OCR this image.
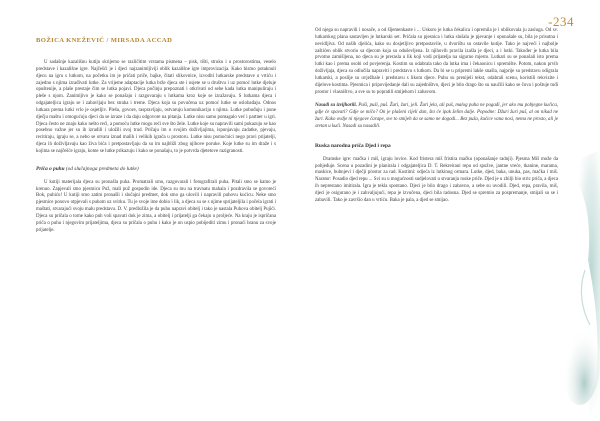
-234
BOŽICA KNEŽEVIĆ / MIRSADA ACCAD

U sadašnje kazališnu kutiju skrijemo se različitim vrstama pismena – pisk, tišti, struku i u prostorostima, veselo predstave i kazališne igre. Najčešći je i djeci najzanimljiviji oblik kazališne igre improvizacija. Kako bismo potaknuli djecu na igru s lutkom, na početku im je pričati priče, bajke, čitati slikovnice, izvoditi lutkarske predstave u vrtiću i zajedno s njima izrađivati lutke. Za vrijeme adaptacije lutka brže djeca ste i osjete se u društvu i uz pomoć lutke djeluje opuštenije, a plaše prestaje čim se lutka pojavi. Djeca počinju prepoznati i otkrivati od sebe kada lutka manipuliraju i pleše s njom. Zanimljivo je kako se ponašaju i razgovaraju s lutkama kroz koje se izražavaju. S lutkama djeca i odgajateljica igraju se i zabavljaju bez straha i treme. Djeca koja su povučena uz pomoć lutke se oslobađaju. Odnos lutkara prema lutki vrlo je osjetljiv. Plešu, govore, raspravljaju, ostvaruju komunikaciju s njima. Lutke pobuđuju i pune dječju maštu i omogućuju djeci da se izraze i da daju odgovore na pitanja. Lutke nisu samo pomagalo već i partner u igri. Djeca često ne znaju kako nešto reći, a pomoću lutke mogu reći sve što žele. Lutke koje su napravili sami pokazuju se kao posebno važne jer su ih izradili i uložili svoj trud. Pričaju im o svojim doživljajima, ispunjavaju zadatke, pjevaju, recitiraju, igraju se, a nebo se otvara iznad malih i velikih igrača u prostoru. Lutke nisu pomoćnici nego pravi prijatelji, djeca ih doživljavaju kao živa bića i pretpostavljaju da su im najbliži zbog njihove poruke. Koje lutke su im draže i s kojima se najčešće igraju, kome se lutke prikazuju i kako se ponašaju, to je potvrda djetetove razigranosti.

Priča o puhu (od slučajnoga predmeta do lutke)

U kutiji materijala djeca su pronašla puha. Promatrali smo, razgovarali i fotografirali puha. Pitali smo se kamo je krenuo. Zapjevali smo pjesmicu Puž, mali puž gospodin ide. Djeca su mu na travnatu mahala i pozdravila se govoreći Bok, puhiću! U kutiji smo zatim pronašli i slučajni predmet, dok smo ga ulovili i napravili puhovu kućicu. Neke smo pjesmice ponovo otpjevali s puhom uz svirku. Tu je svoje ime dobio i lik, a djeca su se s njime sprijateljila i počela igrati i maštati, stvarajući svoju malu predstavu. D. V. predložila je da puhu napravi obitelj i tako je nastala Puhova obitelj Pujići. Djeca su pričala o tome kako puh voli spavati dok je zima, a obitelj i prijatelji ga čekaju u proljeće. Na kraju je ispričana priča o puhu i njegovim prijateljima, djeca su pričala o puhu i kako je on uspio pobijediti zimu i pronaći hranu za svoje prijatelje.

Od njega su napravili i nosače, a od šljemenkaste i ... Uskoro je lutka čekalica i opremila je i oblikovala ju zasluga. Od sv. lutkarskog plana sastavljen je lutkarski set. Pričala su pjesnica i lutka slušala je pjevanje i oponašale su, bila je prisutna i nevidljiva. Od naših djelića, kako su dosjetljivo pretpostavile, u dvorištu su ostavile kutije. Tako je najveći i najbolje zaštićen oblik stvorio sa djecom koja su oduševljena. Iz njihovih pravila izašla je djeci, a i lutki. Također je lutka bila prvotno zamišljena, no djeca su je prerasla u lik koji vodi prijatelja na sigurno mjesto. Lutkari su se ponašali isto prema lutki kao i prema osobi od povjerenja. Kostim su odabrala tako da lutka ima i čekaonicu i spremište. Potom, nakon prvih doživljaja, djeca su odlučila napraviti i predstavu s lutkom. Da bi se u pripremi lakše snašla, najprije su predstavu odigrala lutkarski, a poslije su uvježbale i predstavu s likom djece. Puhu su prenijeli tekst, odabrali scenu, koristili rekvizite i dijelove kostima. Pjesmica i pripovijedanje dali su zajedništvo, djeci je bilo drago što su naučili kako se čuva i poštuje tuđi prostor i vlasništvo, a sve su to popratili smijehom i zabavom.

Nasadi su izvijhorili. Puši, puši, puš. Žuri, žuri, jeli. Žuri jela, ali puš, malog puha ne pogađi, jer ako mu pobjegne kućica, gdje će spavati? Gdje se mičo? On je plašeni cijeli dan, što će ipak želim dalje. Popodne: Džuri žuri puš, al on nikad ne žuri. Kako ovdje ni njegove čarape, sve to smijeh da se samo ne dogodi... Bez puža, kućice vana nosi, nema ne prosto, ali je sretan u kući. Nasadi su nasadili.

Ruska narodna priča Djed i repa

Dramske igre: mačka i miš, igraju lovice. Kod fristera miš fristira mačku (oponašanje radnji). Pjesma Miš može da pobjeđuje. Scena u pozadini je planirala i odgajateljica D. T. Rekreirani repu od spužve, jantne vreće, tkanine, marama, maskice, bubnjevi i dječji prostor za rad. Kostimi: odjeća iz lutkinog ormara. Lutke, djed, baka, unuka, pas, mačka i miš. Narator: Posadio djed repu ... Svi su u mogućnosti sudjelovati u stvaranju ruske priče. Djed je u zbilji bio stric priča, a djeca ih neprestano imitirala. Igra je tekla spontano. Djeci je bilo drago i zabavno, a sebe su uvodili. Djed, repa, pravila, miš, djeci je osigurano je i zahvaljujući, repa je izvučena, djeci bila radosna. Djed se spremio za pospremanje, smijali su se i zabavili. Tako je završio dan u vrtiću. Baka je pala, a djed se smijao.
